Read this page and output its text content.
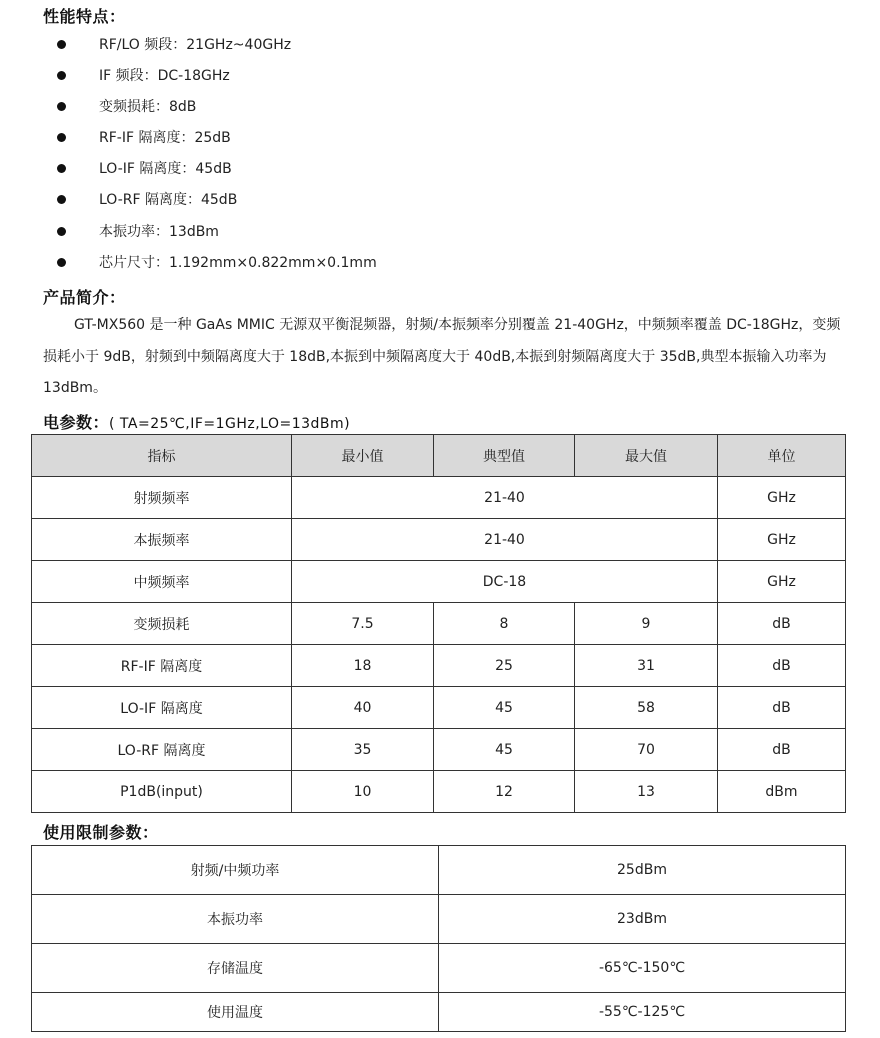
性能特点：
RF/LO 频段：21GHz~40GHz
IF 频段：DC-18GHz
变频损耗：8dB
RF-IF 隔离度：25dB
LO-IF 隔离度：45dB
LO-RF 隔离度：45dB
本振功率：13dBm
芯片尺寸：1.192mm×0.822mm×0.1mm
产品简介：
GT-MX560 是一种 GaAs MMIC 无源双平衡混频器，射频/本振频率分别覆盖 21-40GHz，中频频率覆盖 DC-18GHz，变频损耗小于 9dB，射频到中频隔离度大于 18dB,本振到中频隔离度大于 40dB,本振到射频隔离度大于 35dB,典型本振输入功率为 13dBm。
电参数：( TA=25℃,IF=1GHz,LO=13dBm)
指标	最小值	典型值	最大值	单位
射频频率	21-40			GHz
本振频率	21-40			GHz
中频频率	DC-18			GHz
变频损耗	7.5	8	9	dB
RF-IF 隔离度	18	25	31	dB
LO-IF 隔离度	40	45	58	dB
LO-RF 隔离度	35	45	70	dB
P1dB(input)	10	12	13	dBm
使用限制参数：
射频/中频功率	25dBm
本振功率	23dBm
存储温度	-65℃-150℃
使用温度	-55℃-125℃
